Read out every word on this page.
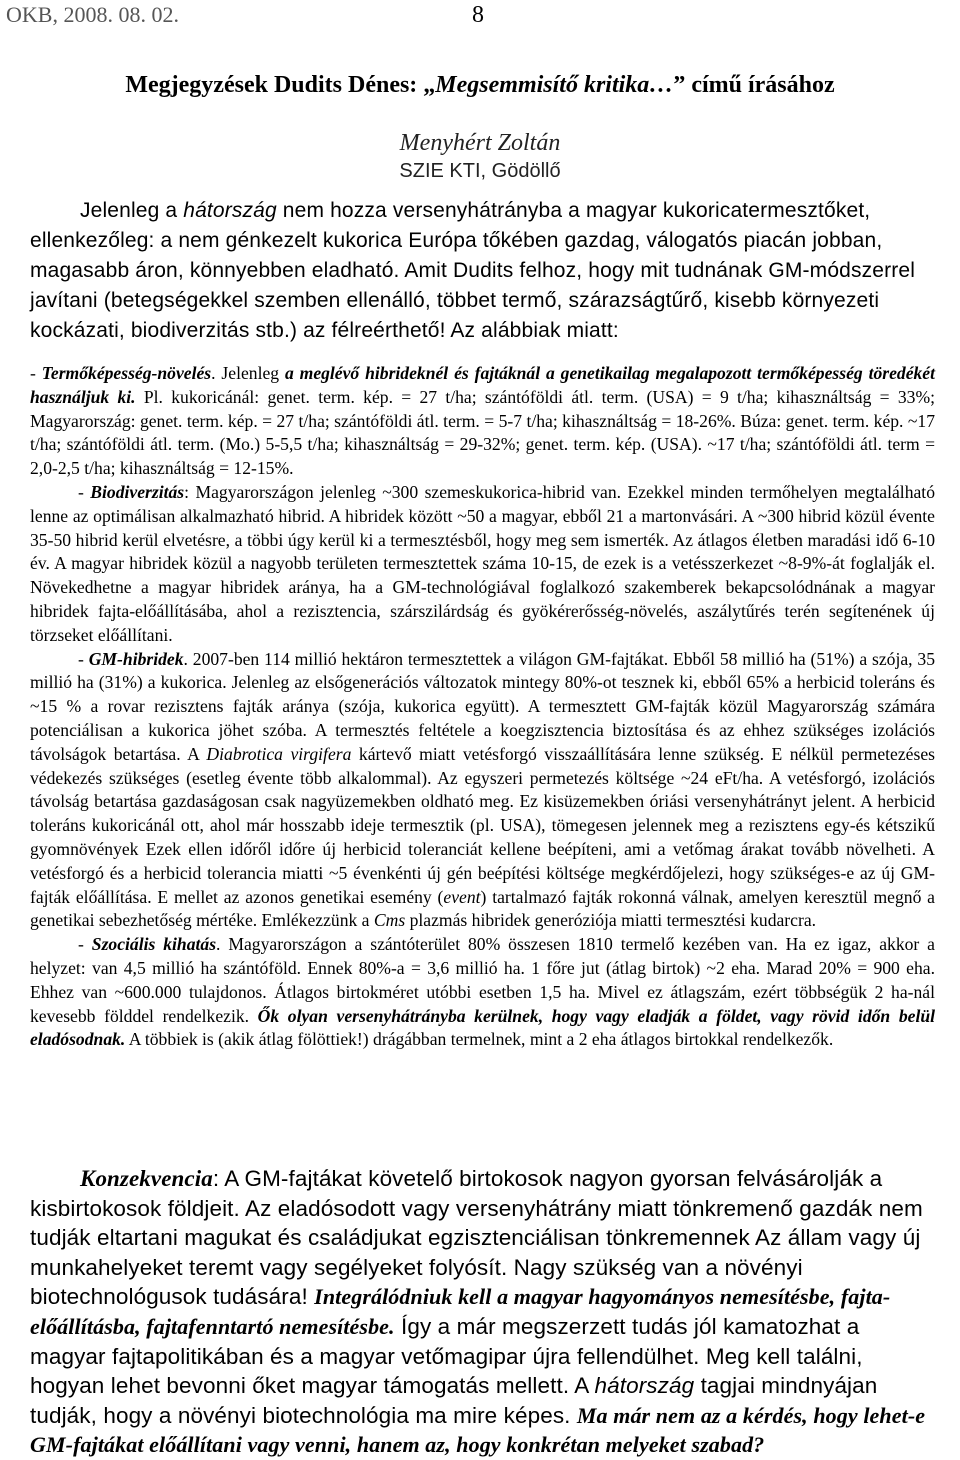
OKB, 2008. 08. 02.	8
Megjegyzések Dudits Dénes: „Megsemmisítő kritika…” című írásához
Menyhért Zoltán
SZIE KTI, Gödöllő

Jelenleg a hátország nem hozza versenyhátrányba a magyar kukoricatermesztőket, ellenkezőleg: a nem génkezelt kukorica Európa tőkében gazdag, válogatós piacán jobban, magasabb áron, könnyebben eladható. Amit Dudits felhoz, hogy mit tudnának GM-módszerrel javítani (betegségekkel szemben ellenálló, többet termő, szárazságtűrő, kisebb környezeti kockázati, biodiverzitás stb.) az félreérthető! Az alábbiak miatt:

- Termőképesség-növelés. Jelenleg a meglévő hibrideknél és fajtáknál a genetikailag megalapozott termőképesség töredékét használjuk ki. Pl. kukoricánál: genet. term. kép. = 27 t/ha; szántóföldi átl. term. (USA) = 9 t/ha; kihasználtság = 33%; Magyarország: genet. term. kép. = 27 t/ha; szántóföldi átl. term. = 5-7 t/ha; kihasználtság = 18-26%. Búza: genet. term. kép. ~17 t/ha; szántóföldi átl. term. (Mo.) 5-5,5 t/ha; kihasználtság = 29-32%; genet. term. kép. (USA). ~17 t/ha; szántóföldi átl. term = 2,0-2,5 t/ha; kihasználtság = 12-15%.

- Biodiverzitás: Magyarországon jelenleg ~300 szemeskukorica-hibrid van. Ezekkel minden termőhelyen megtalálható lenne az optimálisan alkalmazható hibrid. A hibridek között ~50 a magyar, ebből 21 a martonvásári. A ~300 hibrid közül évente 35-50 hibrid kerül elvetésre, a többi úgy kerül ki a termesztésből, hogy meg sem ismerték. Az átlagos életben maradási idő 6-10 év. A magyar hibridek közül a nagyobb területen termesztettek száma 10-15, de ezek is a vetésszerkezet ~8-9%-át foglalják el. Növekedhetne a magyar hibridek aránya, ha a GM-technológiával foglalkozó szakemberek bekapcsolódnának a magyar hibridek fajta-előállításába, ahol a rezisztencia, szárszilárdság és gyökérerősség-növelés, aszálytűrés terén segítenének új törzseket előállítani.

- GM-hibridek. 2007-ben 114 millió hektáron termesztettek a világon GM-fajtákat. Ebből 58 millió ha (51%) a szója, 35 millió ha (31%) a kukorica. Jelenleg az elsőgenerációs változatok mintegy 80%-ot tesznek ki, ebből 65% a herbicid toleráns és ~15 % a rovar rezisztens fajták aránya (szója, kukorica együtt). A termesztett GM-fajták közül Magyarország számára potenciálisan a kukorica jöhet szóba. A termesztés feltétele a koegzisztencia biztosítása és az ehhez szükséges izolációs távolságok betartása. A Diabrotica virgifera kártevő miatt vetésforgó visszaállítására lenne szükség. E nélkül permetezéses védekezés szükséges (esetleg évente több alkalommal). Az egyszeri permetezés költsége ~24 eFt/ha. A vetésforgó, izolációs távolság betartása gazdaságosan csak nagyüzemekben oldható meg. Ez kisüzemekben óriási versenyhátrányt jelent. A herbicid toleráns kukoricánál ott, ahol már hosszabb ideje termesztik (pl. USA), tömegesen jelennek meg a rezisztens egy-és kétszikű gyomnövények Ezek ellen időről időre új herbicid toleranciát kellene beépíteni, ami a vetőmag árakat tovább növelheti. A vetésforgó és a herbicid tolerancia miatti ~5 évenkénti új gén beépítési költsége megkérdőjelezi, hogy szükséges-e az új GM-fajták előállítása. E mellet az azonos genetikai esemény (event) tartalmazó fajták rokonná válnak, amelyen keresztül megnő a genetikai sebezhetőség mértéke. Emlékezzünk a Cms plazmás hibridek generóziója miatti termesztési kudarcra.

- Szociális kihatás. Magyarországon a szántóterület 80% összesen 1810 termelő kezében van. Ha ez igaz, akkor a helyzet: van 4,5 millió ha szántóföld. Ennek 80%-a = 3,6 millió ha. 1 főre jut (átlag birtok) ~2 eha. Marad 20% = 900 eha. Ehhez van ~600.000 tulajdonos. Átlagos birtokméret utóbbi esetben 1,5 ha. Mivel ez átlagszám, ezért többségük 2 ha-nál kevesebb földdel rendelkezik. Ők olyan versenyhátrányba kerülnek, hogy vagy eladják a földet, vagy rövid időn belül eladósodnak. A többiek is (akik átlag fölöttiek!) drágábban termelnek, mint a 2 eha átlagos birtokkal rendelkezők.

Konzekvencia: A GM-fajtákat követelő birtokosok nagyon gyorsan felvásárolják a kisbirtokosok földjeit. Az eladósodott vagy versenyhátrány miatt tönkremenő gazdák nem tudják eltartani magukat és családjukat egzisztenciálisan tönkremennek Az állam vagy új munkahelyeket teremt vagy segélyeket folyósít. Nagy szükség van a növényi biotechnológusok tudására! Integrálódniuk kell a magyar hagyományos nemesítésbe, fajta-előállításba, fajtafenntartó nemesítésbe. Így a már megszerzett tudás jól kamatozhat a magyar fajtapolitikában és a magyar vetőmagipar újra fellendülhet. Meg kell találni, hogyan lehet bevonni őket magyar támogatás mellett. A hátország tagjai mindnyájan tudják, hogy a növényi biotechnológia ma mire képes. Ma már nem az a kérdés, hogy lehet-e GM-fajtákat előállítani vagy venni, hanem az, hogy konkrétan melyeket szabad?
